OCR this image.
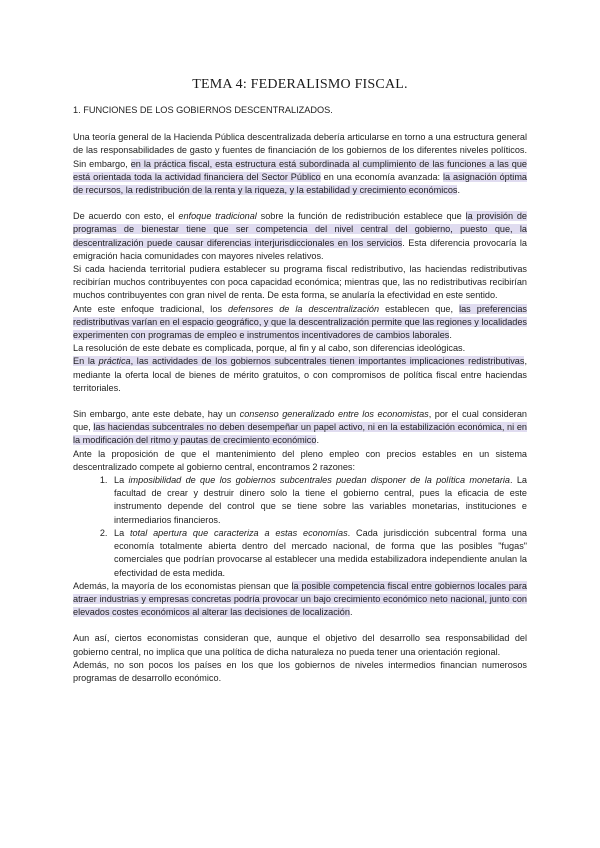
TEMA 4: FEDERALISMO FISCAL.

1. FUNCIONES DE LOS GOBIERNOS DESCENTRALIZADOS.

Una teoría general de la Hacienda Pública descentralizada debería articularse en torno a una estructura general de las responsabilidades de gasto y fuentes de financiación de los gobiernos de los diferentes niveles políticos. Sin embargo, en la práctica fiscal, esta estructura está subordinada al cumplimiento de las funciones a las que está orientada toda la actividad financiera del Sector Público en una economía avanzada: la asignación óptima de recursos, la redistribución de la renta y la riqueza, y la estabilidad y crecimiento económicos.

De acuerdo con esto, el enfoque tradicional sobre la función de redistribución establece que la provisión de programas de bienestar tiene que ser competencia del nivel central del gobierno, puesto que, la descentralización puede causar diferencias interjurisdiccionales en los servicios. Esta diferencia provocaría la emigración hacia comunidades con mayores niveles relativos.

Si cada hacienda territorial pudiera establecer su programa fiscal redistributivo, las haciendas redistributivas recibirían muchos contribuyentes con poca capacidad económica; mientras que, las no redistributivas recibirían muchos contribuyentes con gran nivel de renta. De esta forma, se anularía la efectividad en este sentido.

Ante este enfoque tradicional, los defensores de la descentralización establecen que, las preferencias redistributivas varían en el espacio geográfico, y que la descentralización permite que las regiones y localidades experimenten con programas de empleo e instrumentos incentivadores de cambios laborales.

La resolución de este debate es complicada, porque, al fin y al cabo, son diferencias ideológicas.

En la práctica, las actividades de los gobiernos subcentrales tienen importantes implicaciones redistributivas, mediante la oferta local de bienes de mérito gratuitos, o con compromisos de política fiscal entre haciendas territoriales.

Sin embargo, ante este debate, hay un consenso generalizado entre los economistas, por el cual consideran que, las haciendas subcentrales no deben desempeñar un papel activo, ni en la estabilización económica, ni en la modificación del ritmo y pautas de crecimiento económico.

Ante la proposición de que el mantenimiento del pleno empleo con precios estables en un sistema descentralizado compete al gobierno central, encontramos 2 razones:

1. La imposibilidad de que los gobiernos subcentrales puedan disponer de la política monetaria. La facultad de crear y destruir dinero solo la tiene el gobierno central, pues la eficacia de este instrumento depende del control que se tiene sobre las variables monetarias, instituciones e intermediarios financieros.
2. La total apertura que caracteriza a estas economías. Cada jurisdicción subcentral forma una economía totalmente abierta dentro del mercado nacional, de forma que las posibles "fugas" comerciales que podrían provocarse al establecer una medida estabilizadora independiente anulan la efectividad de esta medida.

Además, la mayoría de los economistas piensan que la posible competencia fiscal entre gobiernos locales para atraer industrias y empresas concretas podría provocar un bajo crecimiento económico neto nacional, junto con elevados costes económicos al alterar las decisiones de localización.

Aun así, ciertos economistas consideran que, aunque el objetivo del desarrollo sea responsabilidad del gobierno central, no implica que una política de dicha naturaleza no pueda tener una orientación regional.

Además, no son pocos los países en los que los gobiernos de niveles intermedios financian numerosos programas de desarrollo económico.
